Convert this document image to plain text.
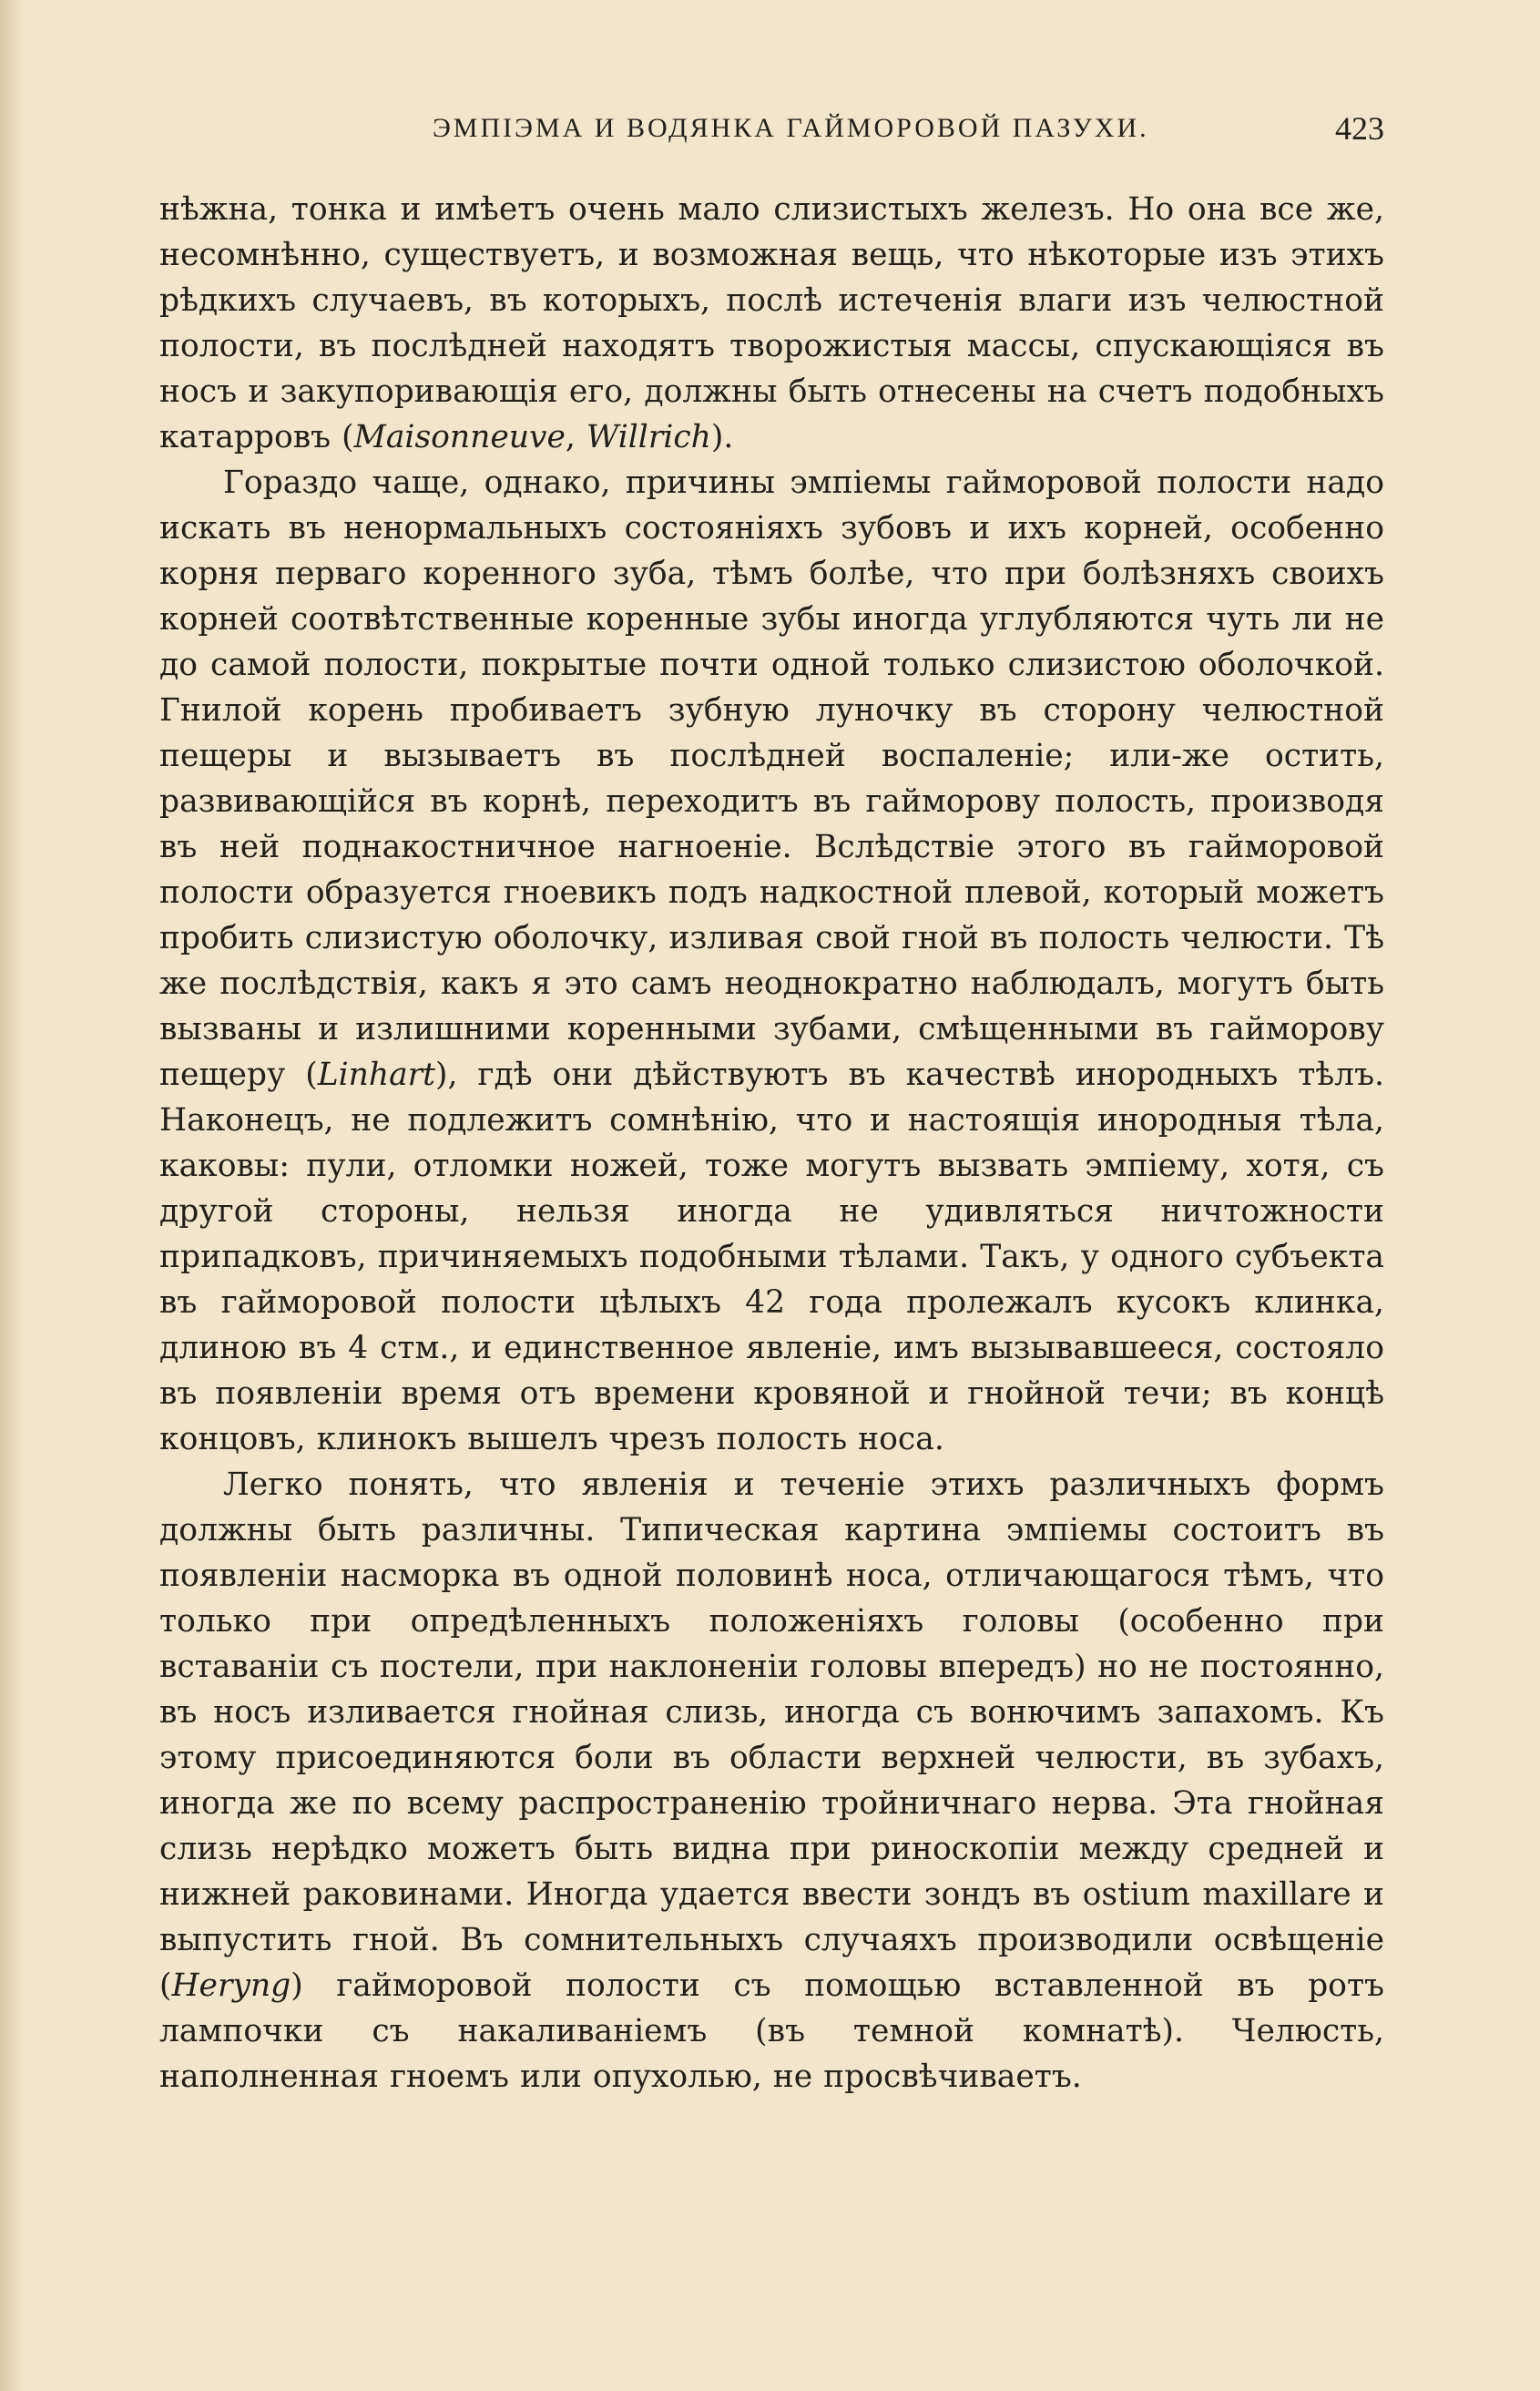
ЭМПІЭМА И ВОДЯНКА ГАЙМОРОВОЙ ПАЗУХИ.	423

нѣжна, тонка и имѣетъ очень мало слизистыхъ железъ. Но она все же, несомнѣнно, существуетъ, и возможная вещь, что нѣкоторые изъ этихъ рѣдкихъ случаевъ, въ которыхъ, послѣ истеченія влаги изъ челюстной полости, въ послѣдней находятъ творожистыя массы, спускающіяся въ носъ и закупоривающія его, должны быть отнесены на счетъ подобныхъ катарровъ (Maisonneuve, Willrich).

Гораздо чаще, однако, причины эмпіемы гайморовой полости надо искать въ ненормальныхъ состояніяхъ зубовъ и ихъ корней, особенно корня перваго коренного зуба, тѣмъ болѣе, что при болѣзняхъ своихъ корней соотвѣтственные коренные зубы иногда углубляются чуть ли не до самой полости, покрытые почти одной только слизистою оболочкой. Гнилой корень пробиваетъ зубную луночку въ сторону челюстной пещеры и вызываетъ въ послѣдней воспаленіе; или-же остить, развивающійся въ корнѣ, переходитъ въ гайморову полость, производя въ ней поднакостничное нагноеніе. Вслѣдствіе этого въ гайморовой полости образуется гноевикъ подъ надкостной плевой, который можетъ пробить слизистую оболочку, изливая свой гной въ полость челюсти. Тѣ же послѣдствія, какъ я это самъ неоднократно наблюдалъ, могутъ быть вызваны и излишними коренными зубами, смѣщенными въ гайморову пещеру (Linhart), гдѣ они дѣйствуютъ въ качествѣ инородныхъ тѣлъ. Наконецъ, не подлежитъ сомнѣнію, что и настоящія инородныя тѣла, каковы: пули, отломки ножей, тоже могутъ вызвать эмпіему, хотя, съ другой стороны, нельзя иногда не удивляться ничтожности припадковъ, причиняемыхъ подобными тѣлами. Такъ, у одного субъекта въ гайморовой полости цѣлыхъ 42 года пролежалъ кусокъ клинка, длиною въ 4 стм., и единственное явленіе, имъ вызывавшееся, состояло въ появленіи время отъ времени кровяной и гнойной течи; въ концѣ концовъ, клинокъ вышелъ чрезъ полость носа.

Легко понять, что явленія и теченіе этихъ различныхъ формъ должны быть различны. Типическая картина эмпіемы состоитъ въ появленіи насморка въ одной половинѣ носа, отличающагося тѣмъ, что только при опредѣленныхъ положеніяхъ головы (особенно при вставаніи съ постели, при наклоненіи головы впередъ) но не постоянно, въ носъ изливается гнойная слизь, иногда съ вонючимъ запахомъ. Къ этому присоединяются боли въ области верхней челюсти, въ зубахъ, иногда же по всему распространенію тройничнаго нерва. Эта гнойная слизь нерѣдко можетъ быть видна при риноскопіи между средней и нижней раковинами. Иногда удается ввести зондъ въ ostium maxillare и выпустить гной. Въ сомнительныхъ случаяхъ производили освѣщеніе (Heryng) гайморовой полости съ помощью вставленной въ ротъ лампочки съ накаливаніемъ (въ темной комнатѣ). Челюсть, наполненная гноемъ или опухолью, не просвѣчиваетъ.
